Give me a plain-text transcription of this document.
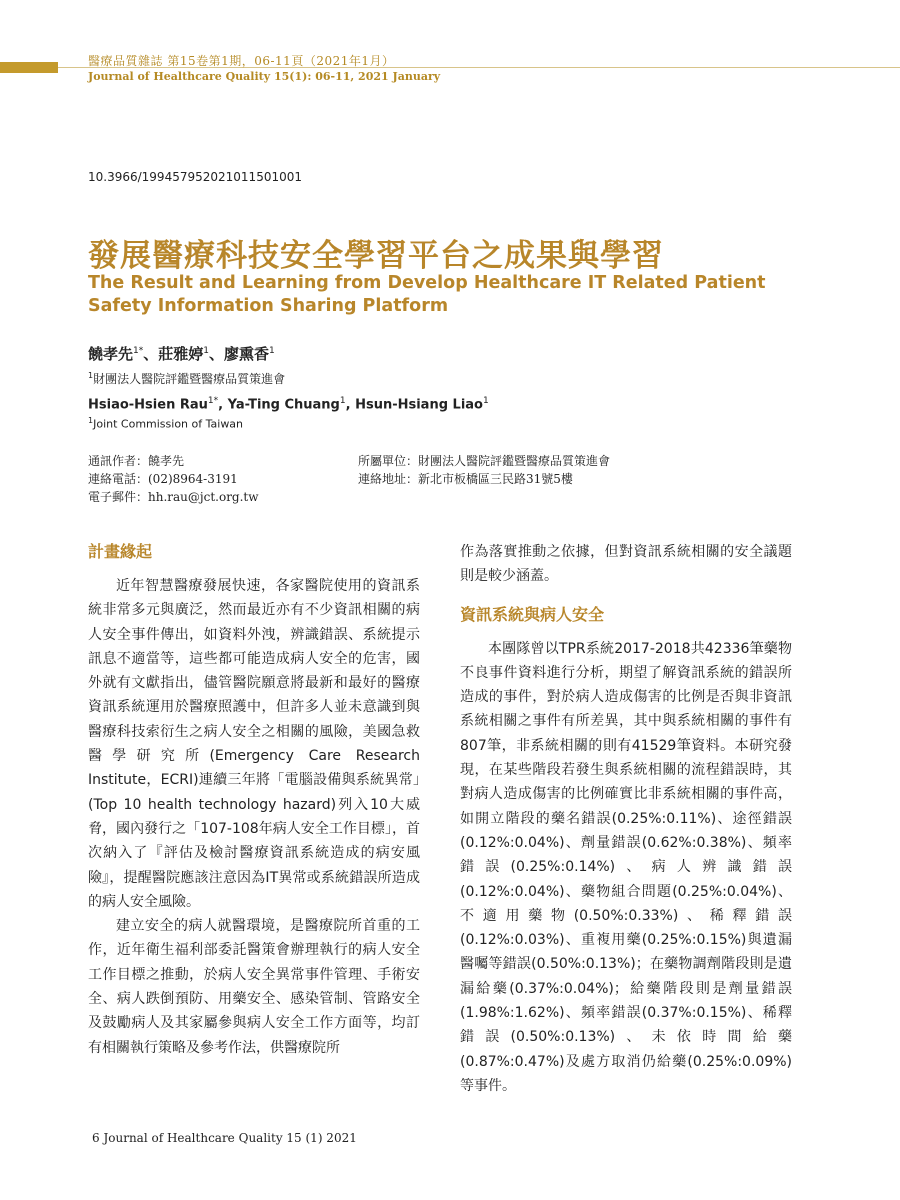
醫療品質雜誌 第15卷第1期，06-11頁（2021年1月）
Journal of Healthcare Quality 15(1): 06-11, 2021 January
10.3966/199457952021011501001
發展醫療科技安全學習平台之成果與學習
The Result and Learning from Develop Healthcare IT Related Patient Safety Information Sharing Platform
饒孝先$^{1*}$、莊雅婷$^1$、廖熏香$^1$
$^1$財團法人醫院評鑑暨醫療品質策進會
Hsiao-Hsien Rau$^{1*}$, Ya-Ting Chuang$^1$, Hsun-Hsiang Liao$^1$
$^1$Joint Commission of Taiwan
通訊作者：饒孝先
連絡電話：(02)8964-3191
電子郵件：hh.rau@jct.org.tw
所屬單位：財團法人醫院評鑑暨醫療品質策進會
連絡地址：新北市板橋區三民路31號5樓
計畫緣起

近年智慧醫療發展快速，各家醫院使用的資訊系統非常多元與廣泛，然而最近亦有不少資訊相關的病人安全事件傳出，如資料外洩，辨識錯誤、系統提示訊息不適當等，這些都可能造成病人安全的危害，國外就有文獻指出，儘管醫院願意將最新和最好的醫療資訊系統運用於醫療照護中，但許多人並未意識到與醫療科技索衍生之病人安全之相關的風險，美國急救醫學研究所(Emergency Care Research Institute，ECRI)連續三年將「電腦設備與系統異常」(Top 10 health technology hazard)列入10大威脅，國內發行之「107-108年病人安全工作目標」，首次納入了『評估及檢討醫療資訊系統造成的病安風險』，提醒醫院應該注意因為IT異常或系統錯誤所造成的病人安全風險。

建立安全的病人就醫環境，是醫療院所首重的工作，近年衛生福利部委託醫策會辦理執行的病人安全工作目標之推動，於病人安全異常事件管理、手術安全、病人跌倒預防、用藥安全、感染管制、管路安全及鼓勵病人及其家屬參與病人安全工作方面等，均訂有相關執行策略及參考作法，供醫療院所

作為落實推動之依據，但對資訊系統相關的安全議題則是較少涵蓋。

資訊系統與病人安全

本團隊曾以TPR系統2017-2018共42336筆藥物不良事件資料進行分析，期望了解資訊系統的錯誤所造成的事件，對於病人造成傷害的比例是否與非資訊系統相關之事件有所差異，其中與系統相關的事件有807筆，非系統相關的則有41529筆資料。本研究發現，在某些階段若發生與系統相關的流程錯誤時，其對病人造成傷害的比例確實比非系統相關的事件高，如開立階段的藥名錯誤(0.25%:0.11%)、途徑錯誤(0.12%:0.04%)、劑量錯誤(0.62%:0.38%)、頻率錯誤(0.25%:0.14%)、病人辨識錯誤(0.12%:0.04%)、藥物組合問題(0.25%:0.04%)、不適用藥物(0.50%:0.33%)、稀釋錯誤(0.12%:0.03%)、重複用藥(0.25%:0.15%)與遺漏醫囑等錯誤(0.50%:0.13%)；在藥物調劑階段則是遺漏給藥(0.37%:0.04%)；給藥階段則是劑量錯誤(1.98%:1.62%)、頻率錯誤(0.37%:0.15%)、稀釋錯誤(0.50%:0.13%)、未依時間給藥(0.87%:0.47%)及處方取消仍給藥(0.25%:0.09%)等事件。

6 Journal of Healthcare Quality 15 (1) 2021
